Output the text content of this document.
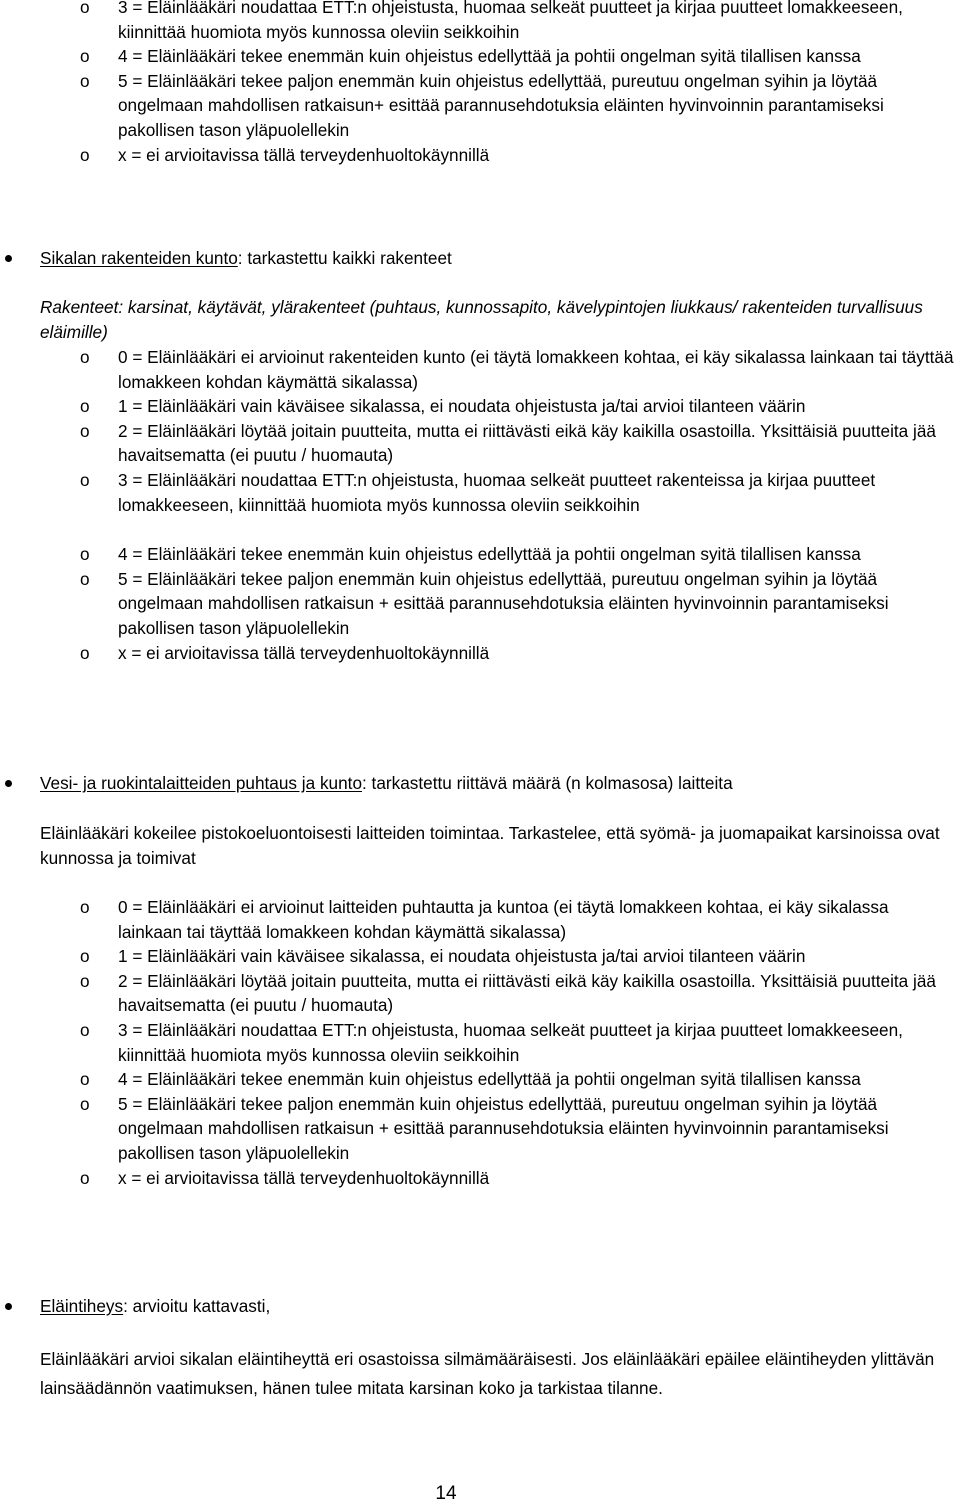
o 3 = Eläinlääkäri noudattaa ETT:n ohjeistusta, huomaa selkeät puutteet ja kirjaa puutteet lomakkeeseen, kiinnittää huomiota myös kunnossa oleviin seikkoihin
o 4 = Eläinlääkäri tekee enemmän kuin ohjeistus edellyttää ja pohtii ongelman syitä tilallisen kanssa
o 5 = Eläinlääkäri tekee paljon enemmän kuin ohjeistus edellyttää, pureutuu ongelman syihin ja löytää ongelmaan mahdollisen ratkaisun+ esittää parannusehdotuksia eläinten hyvinvoinnin parantamiseksi pakollisen tason yläpuolellekin
o x = ei arvioitavissa tällä terveydenhuoltokäynnillä
Sikalan rakenteiden kunto: tarkastettu kaikki rakenteet
Rakenteet: karsinat, käytävät, ylärakenteet (puhtaus, kunnossapito, kävelypintojen liukkaus/ rakenteiden turvallisuus eläimille)
o 0 = Eläinlääkäri ei arvioinut rakenteiden kunto (ei täytä lomakkeen kohtaa, ei käy sikalassa lainkaan tai täyttää lomakkeen kohdan käymättä sikalassa)
o 1 = Eläinlääkäri vain käväisee sikalassa, ei noudata ohjeistusta ja/tai arvioi tilanteen väärin
o 2 = Eläinlääkäri löytää joitain puutteita, mutta ei riittävästi eikä käy kaikilla osastoilla. Yksittäisiä puutteita jää havaitsematta (ei puutu / huomauta)
o 3 = Eläinlääkäri noudattaa ETT:n ohjeistusta, huomaa selkeät puutteet rakenteissa ja kirjaa puutteet lomakkeeseen, kiinnittää huomiota myös kunnossa oleviin seikkoihin
o 4 = Eläinlääkäri tekee enemmän kuin ohjeistus edellyttää ja pohtii ongelman syitä tilallisen kanssa
o 5 = Eläinlääkäri tekee paljon enemmän kuin ohjeistus edellyttää, pureutuu ongelman syihin ja löytää ongelmaan mahdollisen ratkaisun + esittää parannusehdotuksia eläinten hyvinvoinnin parantamiseksi pakollisen tason yläpuolellekin
o x = ei arvioitavissa tällä terveydenhuoltokäynnillä
Vesi- ja ruokintalaitteiden puhtaus ja kunto: tarkastettu riittävä määrä (n kolmasosa) laitteita
Eläinlääkäri kokeilee pistokoeluontoisesti laitteiden toimintaa. Tarkastelee, että syömä- ja juomapaikat karsinoissa ovat kunnossa ja toimivat
o 0 = Eläinlääkäri ei arvioinut laitteiden puhtautta ja kuntoa (ei täytä lomakkeen kohtaa, ei käy sikalassa lainkaan tai täyttää lomakkeen kohdan käymättä sikalassa)
o 1 = Eläinlääkäri vain käväisee sikalassa, ei noudata ohjeistusta ja/tai arvioi tilanteen väärin
o 2 = Eläinlääkäri löytää joitain puutteita, mutta ei riittävästi eikä käy kaikilla osastoilla. Yksittäisiä puutteita jää havaitsematta (ei puutu / huomauta)
o 3 = Eläinlääkäri noudattaa ETT:n ohjeistusta, huomaa selkeät puutteet ja kirjaa puutteet lomakkeeseen, kiinnittää huomiota myös kunnossa oleviin seikkoihin
o 4 = Eläinlääkäri tekee enemmän kuin ohjeistus edellyttää ja pohtii ongelman syitä tilallisen kanssa
o 5 = Eläinlääkäri tekee paljon enemmän kuin ohjeistus edellyttää, pureutuu ongelman syihin ja löytää ongelmaan mahdollisen ratkaisun + esittää parannusehdotuksia eläinten hyvinvoinnin parantamiseksi pakollisen tason yläpuolellekin
o x = ei arvioitavissa tällä terveydenhuoltokäynnillä
Eläintiheys: arvioitu kattavasti,
Eläinlääkäri arvioi sikalan eläintiheyttä eri osastoissa silmämääräisesti. Jos eläinlääkäri epäilee eläintiheyden ylittävän lainsäädännön vaatimuksen, hänen tulee mitata karsinan koko ja tarkistaa tilanne.
14
